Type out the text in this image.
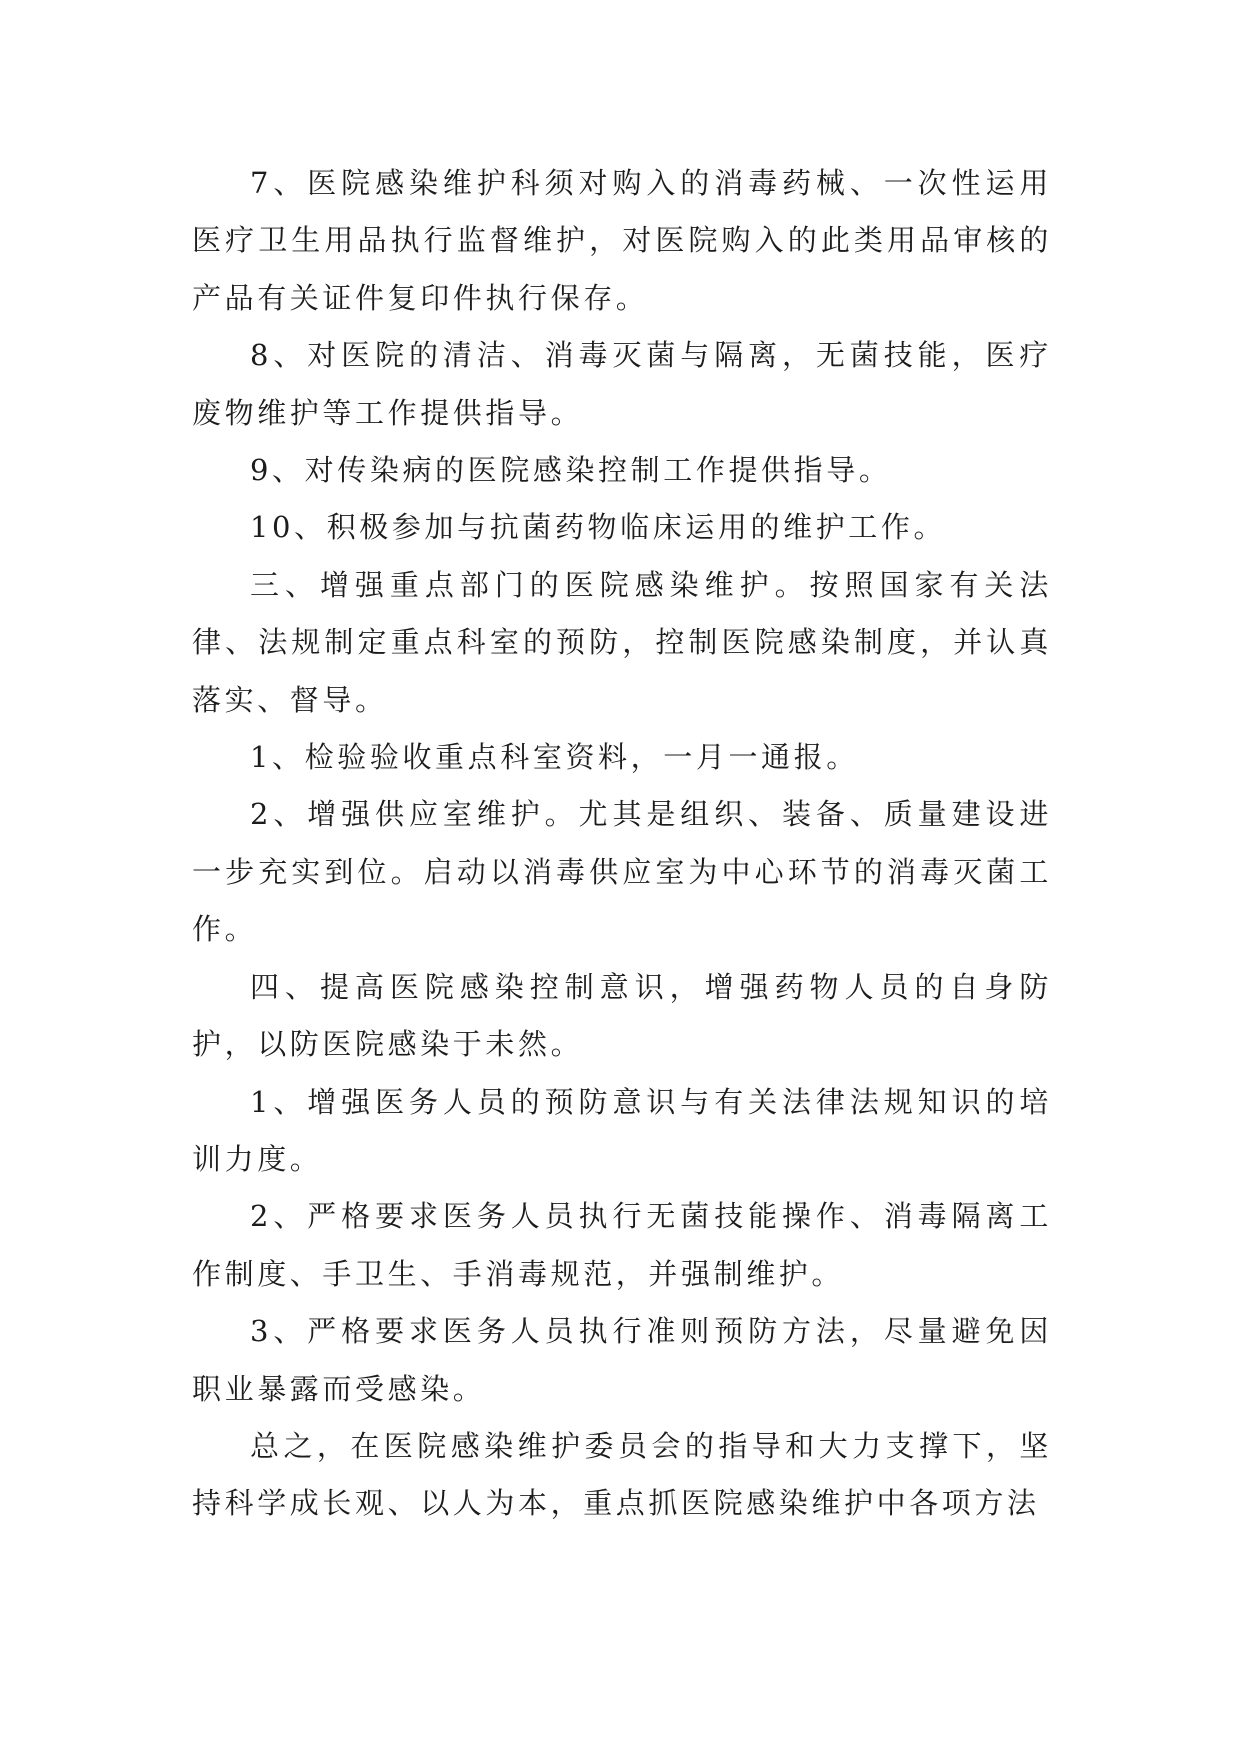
7、医院感染维护科须对购入的消毒药械、一次性运用医疗卫生用品执行监督维护，对医院购入的此类用品审核的产品有关证件复印件执行保存。

8、对医院的清洁、消毒灭菌与隔离，无菌技能，医疗废物维护等工作提供指导。

9、对传染病的医院感染控制工作提供指导。

10、积极参加与抗菌药物临床运用的维护工作。

三、增强重点部门的医院感染维护。按照国家有关法律、法规制定重点科室的预防，控制医院感染制度，并认真落实、督导。

1、检验验收重点科室资料，一月一通报。

2、增强供应室维护。尤其是组织、装备、质量建设进一步充实到位。启动以消毒供应室为中心环节的消毒灭菌工作。

四、提高医院感染控制意识，增强药物人员的自身防护，以防医院感染于未然。

1、增强医务人员的预防意识与有关法律法规知识的培训力度。

2、严格要求医务人员执行无菌技能操作、消毒隔离工作制度、手卫生、手消毒规范，并强制维护。

3、严格要求医务人员执行准则预防方法，尽量避免因职业暴露而受感染。

总之，在医院感染维护委员会的指导和大力支撑下，坚持科学成长观、以人为本，重点抓医院感染维护中各项方法
